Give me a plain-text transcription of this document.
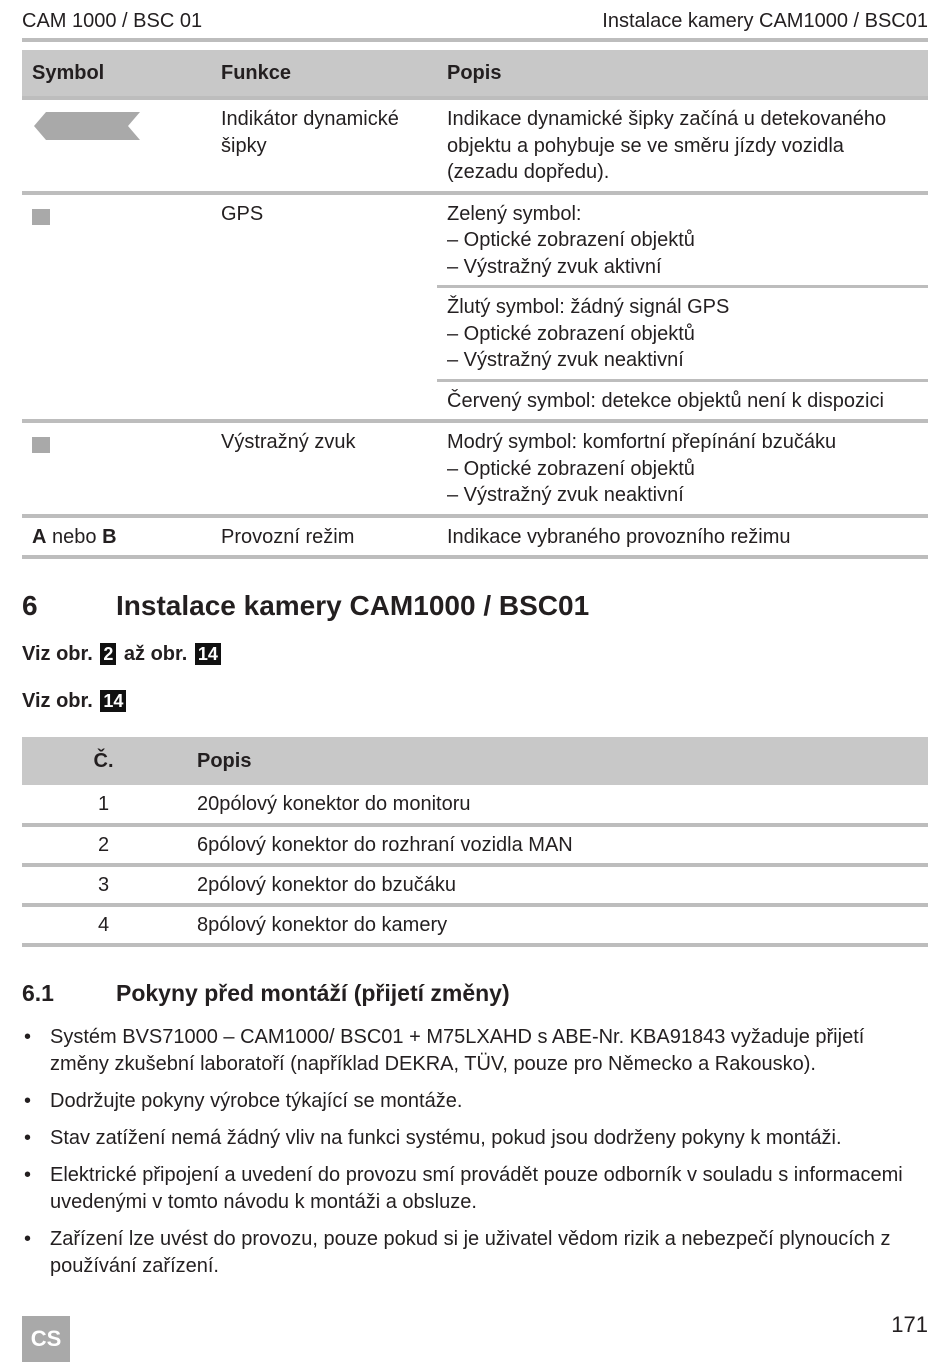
CAM 1000 / BSC 01	Instalace kamery CAM1000 / BSC01
Symbol	Funkce	Popis
	Indikátor dynamické šipky	Indikace dynamické šipky začíná u detekovaného objektu a pohybuje se ve směru jízdy vozidla (zezadu dopředu).
	GPS	Zelený symbol:
– Optické zobrazení objektů
– Výstražný zvuk aktivní
		Žlutý symbol: žádný signál GPS
– Optické zobrazení objektů
– Výstražný zvuk neaktivní
		Červený symbol: detekce objektů není k dispozici
	Výstražný zvuk	Modrý symbol: komfortní přepínání bzučáku
– Optické zobrazení objektů
– Výstražný zvuk neaktivní
A nebo B	Provozní režim	Indikace vybraného provozního režimu
6	Instalace kamery CAM1000 / BSC01
Viz obr. 2 až obr. 14
Viz obr. 14
Č.	Popis
1	20pólový konektor do monitoru
2	6pólový konektor do rozhraní vozidla MAN
3	2pólový konektor do bzučáku
4	8pólový konektor do kamery
6.1	Pokyny před montáží (přijetí změny)
• Systém BVS71000 – CAM1000/ BSC01 + M75LXAHD s ABE-Nr. KBA91843 vyžaduje přijetí změny zkušební laboratoří (například DEKRA, TÜV, pouze pro Německo a Rakousko).
• Dodržujte pokyny výrobce týkající se montáže.
• Stav zatížení nemá žádný vliv na funkci systému, pokud jsou dodrženy pokyny k montáži.
• Elektrické připojení a uvedení do provozu smí provádět pouze odborník v souladu s informacemi uvedenými v tomto návodu k montáži a obsluze.
• Zařízení lze uvést do provozu, pouze pokud si je uživatel vědom rizik a nebezpečí plynoucích z používání zařízení.
CS
171
